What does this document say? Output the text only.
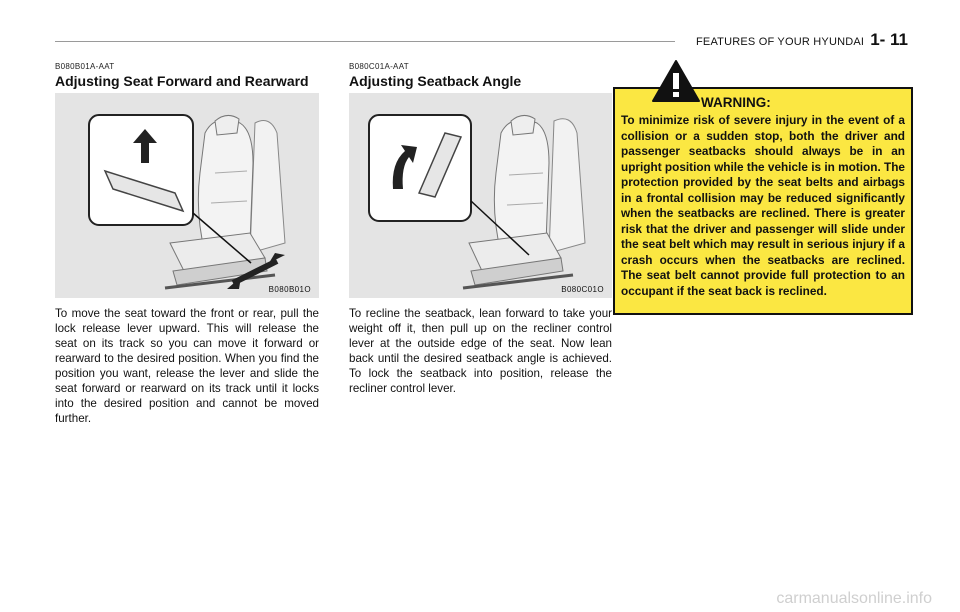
FEATURES OF YOUR HYUNDAI 1- 11
B080B01A-AAT
Adjusting Seat Forward and Rearward
B080B01O
To move the seat toward the front or rear, pull the lock release lever upward. This will release the seat on its track so you can move it forward or rearward to the desired position. When you find the position you want, release the lever and slide the seat forward or rearward on its track until it locks into the desired position and cannot be moved further.
B080C01A-AAT
Adjusting Seatback Angle
B080C01O
To recline the seatback, lean forward to take your weight off it, then pull up on the recliner control lever at the outside edge of the seat. Now lean back until the desired seatback angle is achieved. To lock the seatback into position, release the recliner control lever.
WARNING:
To minimize risk of severe injury in the event of a collision or a sudden stop, both the driver and passenger seatbacks should always be in an upright position while the vehicle is in motion. The protection provided by the seat belts and airbags in a frontal collision may be reduced significantly when the seatbacks are reclined. There is greater risk that the driver and passenger will slide under the seat belt which may result in serious injury if a crash occurs when the seatbacks are reclined. The seat belt cannot provide full protection to an occupant if the seat back is reclined.
carmanualsonline.info
